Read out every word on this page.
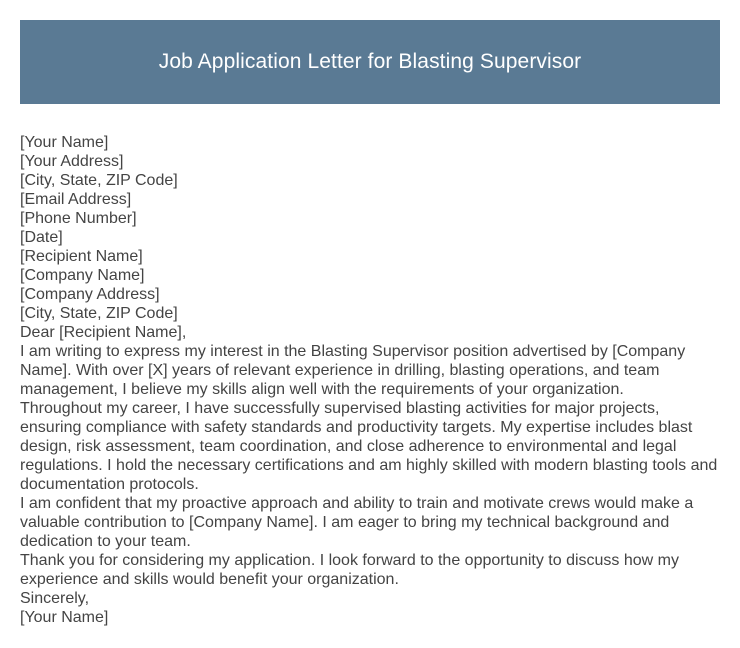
Job Application Letter for Blasting Supervisor
[Your Name]
[Your Address]
[City, State, ZIP Code]
[Email Address]
[Phone Number]
[Date]
[Recipient Name]
[Company Name]
[Company Address]
[City, State, ZIP Code]
Dear [Recipient Name],
I am writing to express my interest in the Blasting Supervisor position advertised by [Company Name]. With over [X] years of relevant experience in drilling, blasting operations, and team management, I believe my skills align well with the requirements of your organization.
Throughout my career, I have successfully supervised blasting activities for major projects, ensuring compliance with safety standards and productivity targets. My expertise includes blast design, risk assessment, team coordination, and close adherence to environmental and legal regulations. I hold the necessary certifications and am highly skilled with modern blasting tools and documentation protocols.
I am confident that my proactive approach and ability to train and motivate crews would make a valuable contribution to [Company Name]. I am eager to bring my technical background and dedication to your team.
Thank you for considering my application. I look forward to the opportunity to discuss how my experience and skills would benefit your organization.
Sincerely,
[Your Name]
